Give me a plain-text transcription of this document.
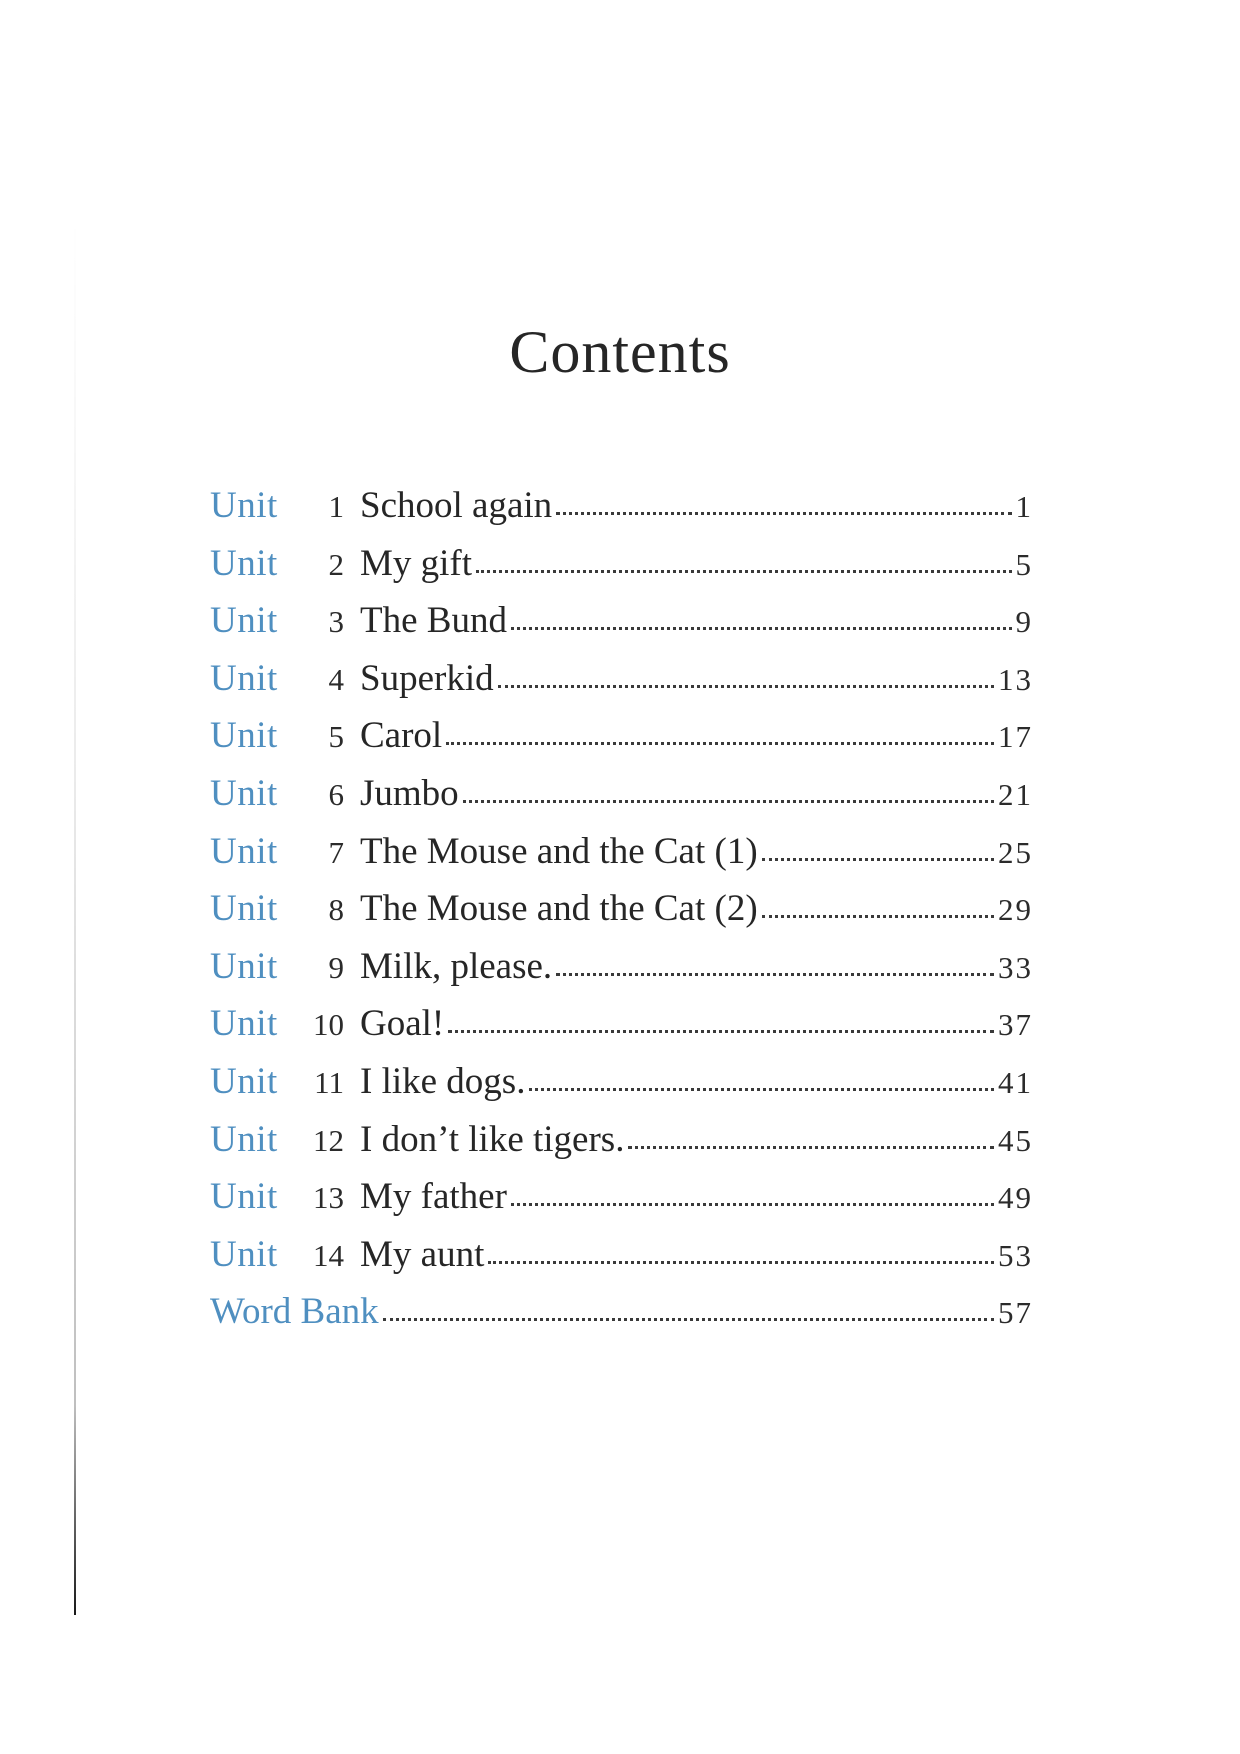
Contents
Unit	1 School again	1
Unit	2 My gift	5
Unit	3 The Bund	9
Unit	4 Superkid	13
Unit	5 Carol	17
Unit	6 Jumbo	21
Unit	7 The Mouse and the Cat (1)	25
Unit	8 The Mouse and the Cat (2)	29
Unit	9 Milk, please.	33
Unit	10 Goal!	37
Unit	11 I like dogs.	41
Unit	12 I don’t like tigers.	45
Unit	13 My father	49
Unit	14 My aunt	53
Word Bank	57
